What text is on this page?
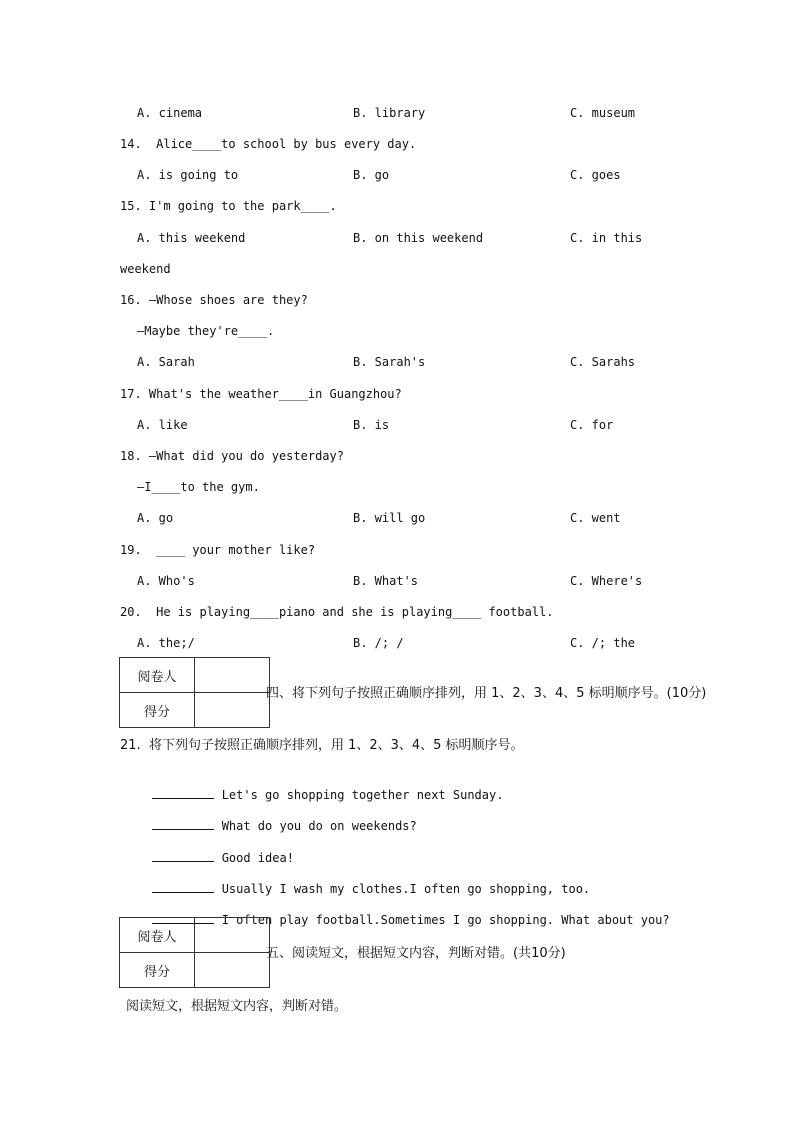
A. cinema	B. library	C. museum
14.  Alice____to school by bus every day.
A. is going to	B. go	C. goes
15. I'm going to the park____.
A. this weekend	B. on this weekend	C. in this
weekend
16. —Whose shoes are they?
—Maybe they're____.
A. Sarah	B. Sarah's	C. Sarahs
17. What's the weather____in Guangzhou?
A. like	B. is	C. for
18. —What did you do yesterday?
—I____to the gym.
A. go	B. will go	C. went
19.  ____ your mother like?
A. Who's	B. What's	C. Where's
20.  He is playing____piano and she is playing____ football.
A. the;/	B. /; /	C. /; the
阅卷人	
得分	
四、将下列句子按照正确顺序排列，用 1、2、3、4、5 标明顺序号。(10分)
21.  将下列句子按照正确顺序排列，用 1、2、3、4、5 标明顺序号。

Let's go shopping together next Sunday.

What do you do on weekends?

Good idea!

Usually I wash my clothes.I often go shopping, too.

I often play football.Sometimes I go shopping. What about you?

阅卷人	
得分	
五、阅读短文，根据短文内容，判断对错。(共10分)
阅读短文，根据短文内容，判断对错。
